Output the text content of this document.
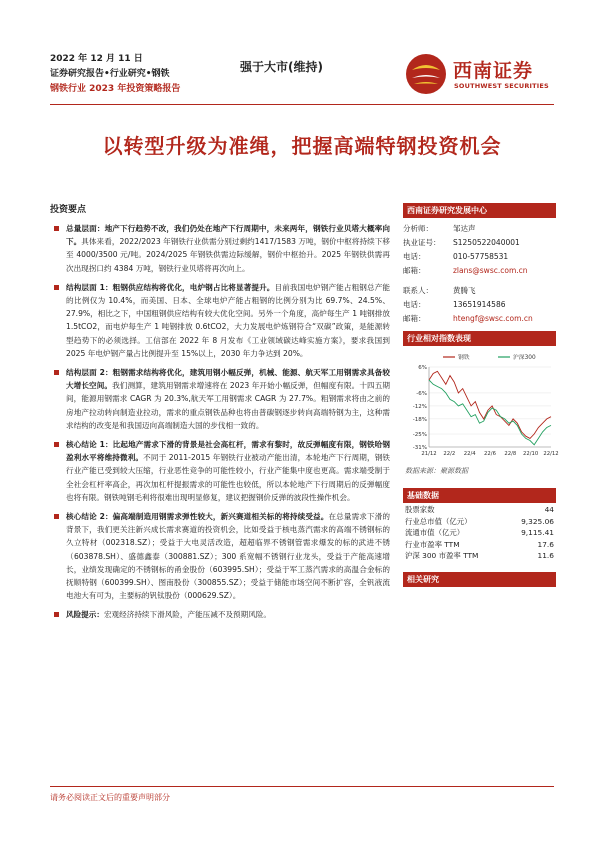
2022 年 12 月 11 日
证券研究报告•行业研究•钢铁
钢铁行业 2023 年投资策略报告
强于大市(维持)	西南证券
SOUTHWEST SECURITIES
以转型升级为准绳，把握高端特钢投资机会
投资要点
总量层面：地产下行趋势不改，我们仍处在地产下行周期中，未来两年，钢铁行业贝塔大概率向下。具体来看，2022/2023 年钢铁行业供需分别过剩约1417/1583 万吨，钢价中枢将持续下移至 4000/3500 元/吨。2024/2025 年钢铁供需边际缓解，钢价中枢抬升。2025 年钢铁供需再次出现拐口约 4384 万吨，钢铁行业贝塔将再次向上。
结构层面 1：粗钢供应结构将优化，电炉钢占比将显著提升。目前我国电炉钢产能占粗钢总产能的比例仅为 10.4%，而美国、日本、全球电炉产能占粗钢的比例分别为比 69.7%、24.5%、27.9%，相比之下，中国粗钢供应结构有较大优化空间。另外一个角度，高炉每生产 1 吨钢排放 1.5tCO2，而电炉每生产 1 吨钢排放 0.6tCO2，大力发展电炉炼钢符合“双碳”政策，是能源转型趋势下的必须选择。工信部在 2022 年 8 月发布《工业领域碳达峰实施方案》，要求我国到 2025 年电炉钢产量占比例提升至 15%以上，2030 年力争达到 20%。
结构层面 2：粗钢需求结构将优化，建筑用钢小幅反弹，机械、能源、航天军工用钢需求具备较大增长空间。我们测算，建筑用钢需求增速将在 2023 年开始小幅反弹，但幅度有限。十四五期间，能源用钢需求 CAGR 为 20.3%,航天军工用钢需求 CAGR 为 27.7%。粗钢需求将由之前的房地产拉动转向制造业拉动，需求的重点钢铁品种也将由普碳钢逐步转向高端特钢为主，这种需求结构的改变是和我国迈向高端制造大国的步伐相一致的。
核心结论 1：比起地产需求下滑的背景是社会高杠杆，需求有黎时，故反弹幅度有限，钢铁哈钢盈利水平将维持微利。不同于 2011-2015 年钢铁行业被动产能出清，本轮地产下行周期，钢铁行业产能已受到较大压缩，行业恶性竞争的可能性较小，行业产能集中度也更高。需求端受制于全社会杠杆率高企，再次加杠杆提振需求的可能性也较低，所以本轮地产下行周期后的反弹幅度也将有限。钢铁吨钢毛利将很难出现明显修复，建议把握钢价反弹的波段性操作机会。
核心结论 2：偏高端制造用钢需求弹性较大，新兴赛道相关标的将持续受益。在总量需求下滑的背景下，我们更关注新兴成长需求赛道的投资机会，比如受益于核电蒸汽需求的高端不锈钢标的久立特材（002318.SZ）；受益于大电灵活改造，超超临界不锈钢管需求爆发的标的武进不锈（603878.SH）、盛德鑫泰（300881.SZ）；300 系宽幅不锈钢行业龙头，受益于产能高速增长，业绩发现确定的不锈钢标的甬金股份（603995.SH）；受益于军工蒸汽需求的高温合金标的抚顺特钢（600399.SH）、图南股份（300855.SZ）；受益于储能市场空间不断扩容，全钒液流电池大有可为，主要标的钒钛股份（000629.SZ）。
风险提示：宏观经济持续下滑风险，产能压减不及预期风险。
西南证券研究发展中心
分析师：	邹达声
执业证号： S1250522040001
电话：	010-57758531
邮箱：	zlans@swsc.com.cn
联系人：	黄腾飞
电话：	13651914586
邮箱：	htengf@swsc.com.cn
行业相对指数表现
6%
-6%
-12%
-18%
-25%
-31%
21/12 22/2 22/4 22/6 22/8 22/10 22/12
钢铁	沪深300
数据来源：聚源数据
基础数据
股票家数	44
行业总市值（亿元）	9,325.06
流通市值（亿元）	9,115.41
行业市盈率 TTM	17.6
沪深 300 市盈率 TTM	11.6
相关研究
请务必阅读正文后的重要声明部分
